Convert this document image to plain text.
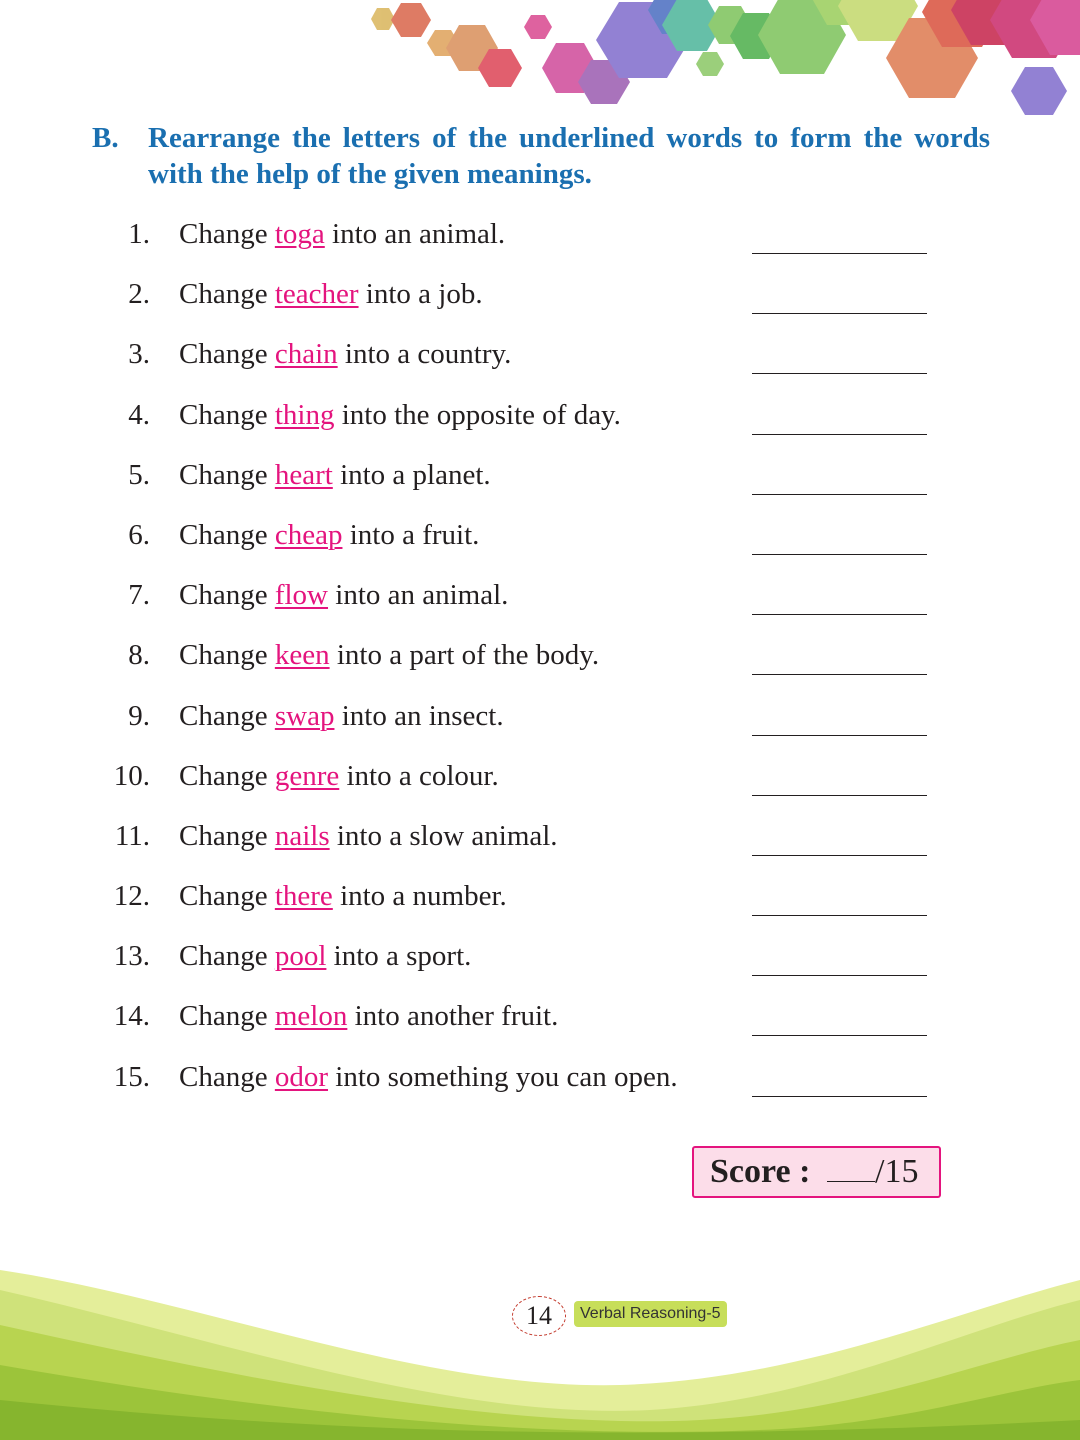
B. Rearrange the letters of the underlined words to form the words with the help of the given meanings.
1. Change toga into an animal.
2. Change teacher into a job.
3. Change chain into a country.
4. Change thing into the opposite of day.
5. Change heart into a planet.
6. Change cheap into a fruit.
7. Change flow into an animal.
8. Change keen into a part of the body.
9. Change swap into an insect.
10. Change genre into a colour.
11. Change nails into a slow animal.
12. Change there into a number.
13. Change pool into a sport.
14. Change melon into another fruit.
15. Change odor into something you can open.
Score : /15
14	Verbal Reasoning-5
